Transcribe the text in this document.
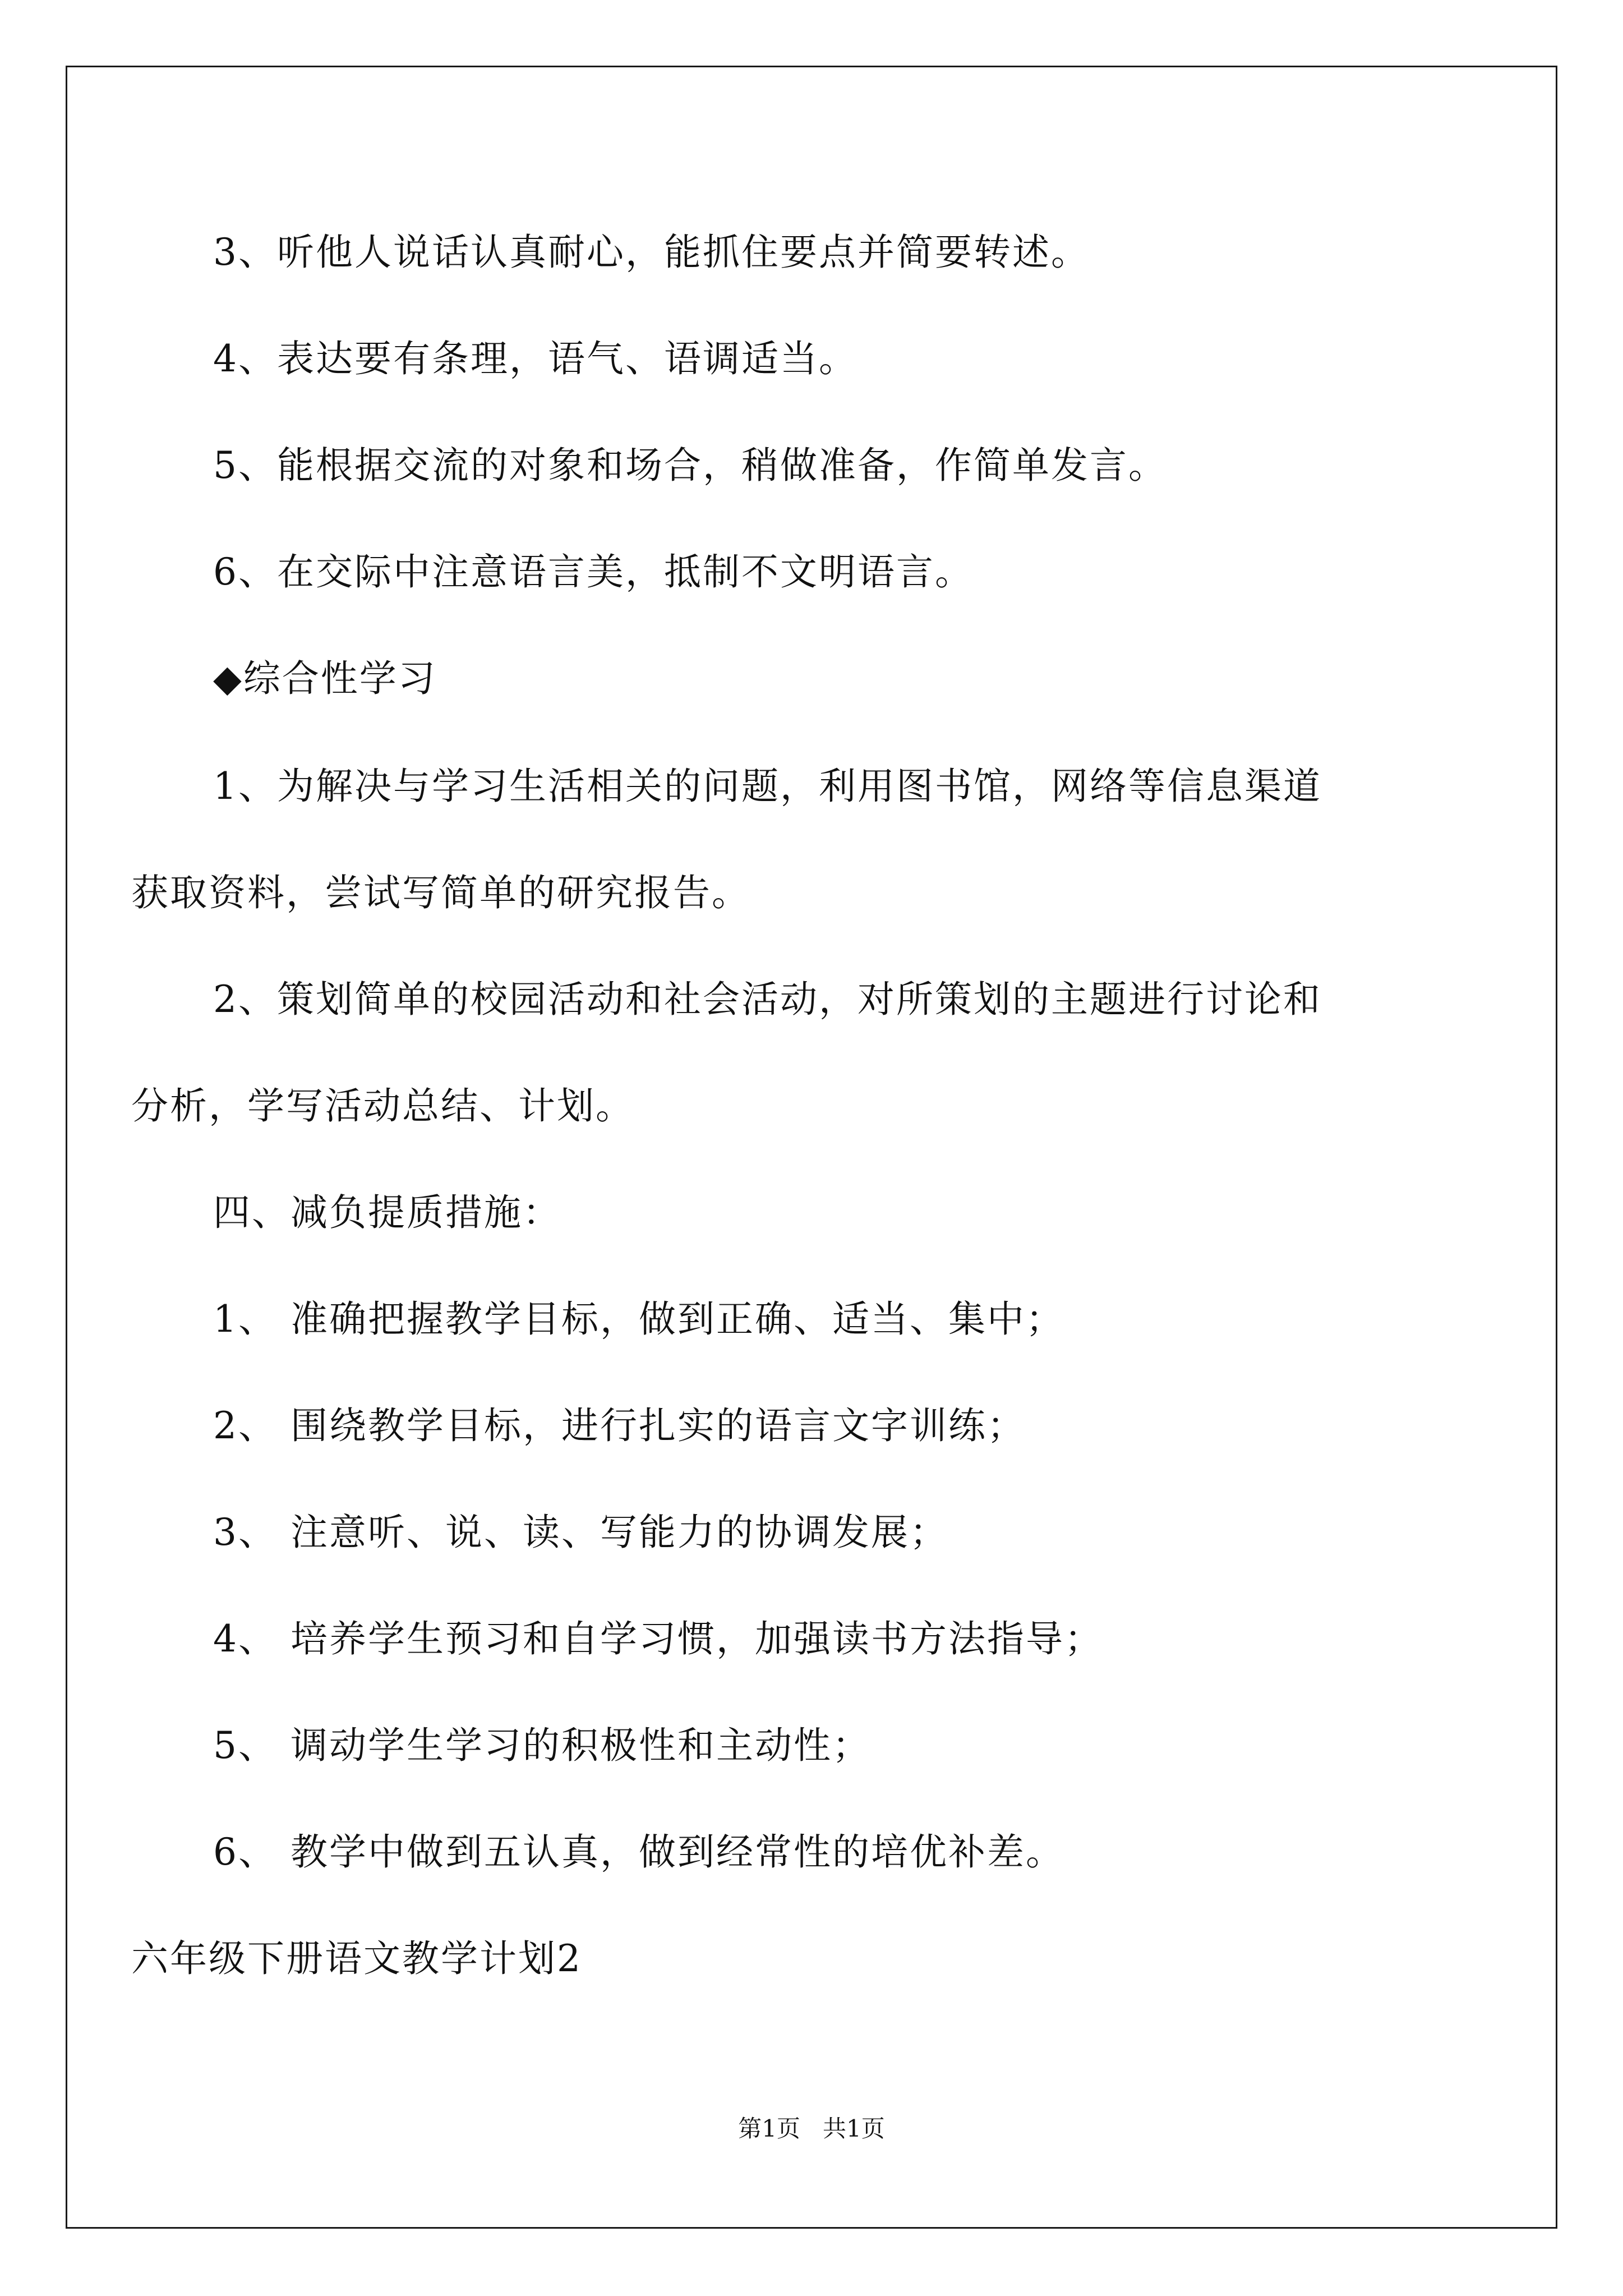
3、听他人说话认真耐心，能抓住要点并简要转述。

4、表达要有条理，语气、语调适当。

5、能根据交流的对象和场合，稍做准备，作简单发言。

6、在交际中注意语言美，抵制不文明语言。

◆综合性学习

1、为解决与学习生活相关的问题，利用图书馆，网络等信息渠道

获取资料，尝试写简单的研究报告。

2、策划简单的校园活动和社会活动，对所策划的主题进行讨论和

分析，学写活动总结、计划。

四、减负提质措施：

1、 准确把握教学目标，做到正确、适当、集中；

2、 围绕教学目标，进行扎实的语言文字训练；

3、 注意听、说、读、写能力的协调发展；

4、 培养学生预习和自学习惯，加强读书方法指导；

5、 调动学生学习的积极性和主动性；

6、 教学中做到五认真，做到经常性的培优补差。

六年级下册语文教学计划2

第1页 共1页
